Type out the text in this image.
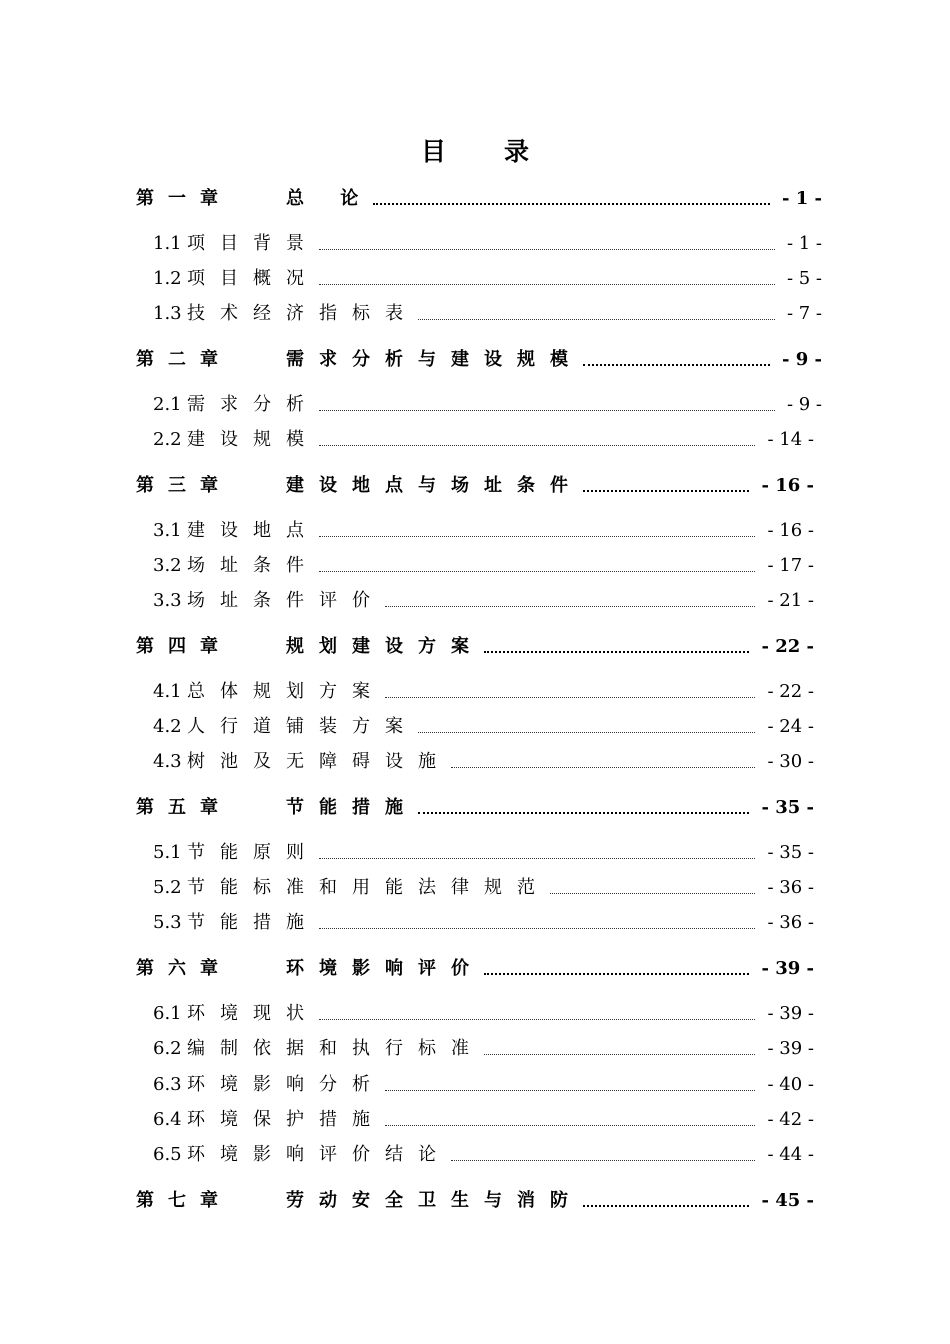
目录
第一章	总 论	- 1 -
1.1 项目背景	- 1 -
1.2 项目概况	- 5 -
1.3 技术经济指标表	- 7 -
第二章	需求分析与建设规模	- 9 -
2.1 需求分析	- 9 -
2.2 建设规模	- 14 -
第三章	建设地点与场址条件	- 16 -
3.1 建设地点	- 16 -
3.2 场址条件	- 17 -
3.3 场址条件评价	- 21 -
第四章	规划建设方案	- 22 -
4.1 总体规划方案	- 22 -
4.2 人行道铺装方案	- 24 -
4.3 树池及无障碍设施	- 30 -
第五章	节能措施	- 35 -
5.1 节能原则	- 35 -
5.2 节能标准和用能法律规范	- 36 -
5.3 节能措施	- 36 -
第六章	环境影响评价	- 39 -
6.1 环境现状	- 39 -
6.2 编制依据和执行标准	- 39 -
6.3 环境影响分析	- 40 -
6.4 环境保护措施	- 42 -
6.5 环境影响评价结论	- 44 -
第七章	劳动安全卫生与消防	- 45 -
